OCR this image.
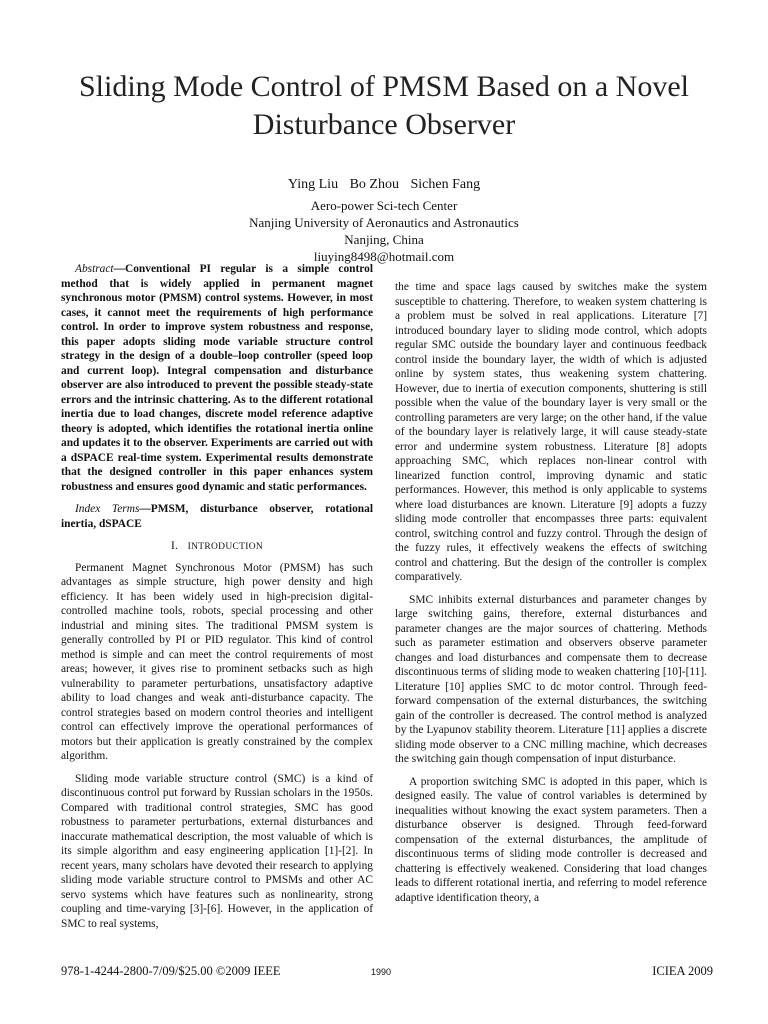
Sliding Mode Control of PMSM Based on a Novel
Disturbance Observer
Ying Liu Bo Zhou Sichen Fang
Aero-power Sci-tech Center
Nanjing University of Aeronautics and Astronautics
Nanjing, China
liuying8498@hotmail.com

Abstract—Conventional PI regular is a simple control method that is widely applied in permanent magnet synchronous motor (PMSM) control systems. However, in most cases, it cannot meet the requirements of high performance control. In order to improve system robustness and response, this paper adopts sliding mode variable structure control strategy in the design of a double–loop controller (speed loop and current loop). Integral compensation and disturbance observer are also introduced to prevent the possible steady-state errors and the intrinsic chattering. As to the different rotational inertia due to load changes, discrete model reference adaptive theory is adopted, which identifies the rotational inertia online and updates it to the observer. Experiments are carried out with a dSPACE real-time system. Experimental results demonstrate that the designed controller in this paper enhances system robustness and ensures good dynamic and static performances.

Index Terms—PMSM, disturbance observer, rotational inertia, dSPACE

I. INTRODUCTION

Permanent Magnet Synchronous Motor (PMSM) has such advantages as simple structure, high power density and high efficiency. It has been widely used in high-precision digital-controlled machine tools, robots, special processing and other industrial and mining sites. The traditional PMSM system is generally controlled by PI or PID regulator. This kind of control method is simple and can meet the control requirements of most areas; however, it gives rise to prominent setbacks such as high vulnerability to parameter perturbations, unsatisfactory adaptive ability to load changes and weak anti-disturbance capacity. The control strategies based on modern control theories and intelligent control can effectively improve the operational performances of motors but their application is greatly constrained by the complex algorithm.

Sliding mode variable structure control (SMC) is a kind of discontinuous control put forward by Russian scholars in the 1950s. Compared with traditional control strategies, SMC has good robustness to parameter perturbations, external disturbances and inaccurate mathematical description, the most valuable of which is its simple algorithm and easy engineering application [1]-[2]. In recent years, many scholars have devoted their research to applying sliding mode variable structure control to PMSMs and other AC servo systems which have features such as nonlinearity, strong coupling and time-varying [3]-[6]. However, in the application of SMC to real systems,

the time and space lags caused by switches make the system susceptible to chattering. Therefore, to weaken system chattering is a problem must be solved in real applications. Literature [7] introduced boundary layer to sliding mode control, which adopts regular SMC outside the boundary layer and continuous feedback control inside the boundary layer, the width of which is adjusted online by system states, thus weakening system chattering. However, due to inertia of execution components, shuttering is still possible when the value of the boundary layer is very small or the controlling parameters are very large; on the other hand, if the value of the boundary layer is relatively large, it will cause steady-state error and undermine system robustness. Literature [8] adopts approaching SMC, which replaces non-linear control with linearized function control, improving dynamic and static performances. However, this method is only applicable to systems where load disturbances are known. Literature [9] adopts a fuzzy sliding mode controller that encompasses three parts: equivalent control, switching control and fuzzy control. Through the design of the fuzzy rules, it effectively weakens the effects of switching control and chattering. But the design of the controller is complex comparatively.

SMC inhibits external disturbances and parameter changes by large switching gains, therefore, external disturbances and parameter changes are the major sources of chattering. Methods such as parameter estimation and observers observe parameter changes and load disturbances and compensate them to decrease discontinuous terms of sliding mode to weaken chattering [10]-[11]. Literature [10] applies SMC to dc motor control. Through feed-forward compensation of the external disturbances, the switching gain of the controller is decreased. The control method is analyzed by the Lyapunov stability theorem. Literature [11] applies a discrete sliding mode observer to a CNC milling machine, which decreases the switching gain though compensation of input disturbance.

A proportion switching SMC is adopted in this paper, which is designed easily. The value of control variables is determined by inequalities without knowing the exact system parameters. Then a disturbance observer is designed. Through feed-forward compensation of the external disturbances, the amplitude of discontinuous terms of sliding mode controller is decreased and chattering is effectively weakened. Considering that load changes leads to different rotational inertia, and referring to model reference adaptive identification theory, a

978-1-4244-2800-7/09/$25.00 ©2009 IEEE	1990	ICIEA 2009
